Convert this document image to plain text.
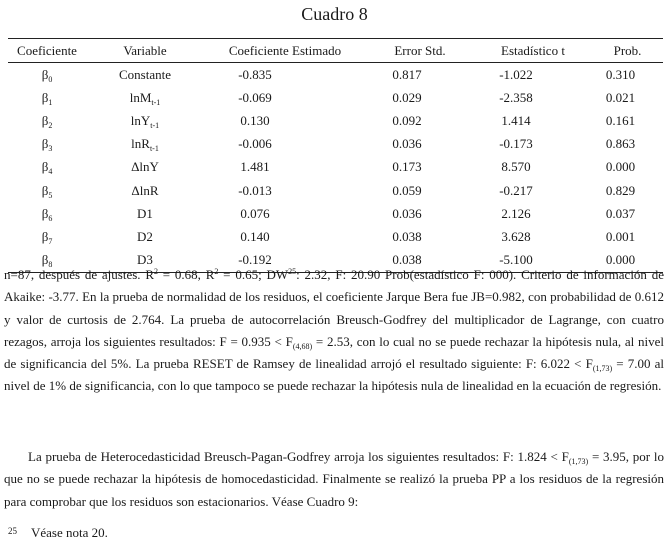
Cuadro 8
Coeficiente	Variable	Coeficiente Estimado	Error Std.	Estadístico t	Prob.
$\beta_0$	Constante	-0.835	0.817	-1.022	0.310
$\beta_1$	lnM$_{t-1}$	-0.069	0.029	-2.358	0.021
$\beta_2$	lnY$_{t-1}$	0.130	0.092	1.414	0.161
$\beta_3$	lnR$_{t-1}$	-0.006	0.036	-0.173	0.863
$\beta_4$	ΔlnY	1.481	0.173	8.570	0.000
$\beta_5$	ΔlnR	-0.013	0.059	-0.217	0.829
$\beta_6$	D1	0.076	0.036	2.126	0.037
$\beta_7$	D2	0.140	0.038	3.628	0.001
$\beta_8$	D3	-0.192	0.038	-5.100	0.000

n=87, después de ajustes. $R^2 = 0.68$, $R^2 = 0.65$; DW$^{25}$: 2.32, F: 20.90 Prob(estadístico F: 000). Criterio de información de Akaike: -3.77. En la prueba de normalidad de los residuos, el coeficiente Jarque Bera fue JB=0.982, con probabilidad de 0.612 y valor de curtosis de 2.764. La prueba de autocorrelación Breusch-Godfrey del multiplicador de Lagrange, con cuatro rezagos, arroja los siguientes resultados: $F = 0.935 < F_{(4,68)} = 2.53$, con lo cual no se puede rechazar la hipótesis nula, al nivel de significancia del 5%. La prueba RESET de Ramsey de linealidad arrojó el resultado siguiente: F: $6.022 < F_{(1,73)} = 7.00$ al nivel de 1% de significancia, con lo que tampoco se puede rechazar la hipótesis nula de linealidad en la ecuación de regresión.

La prueba de Heterocedasticidad Breusch-Pagan-Godfrey arroja los siguientes resultados: F: $1.824 < F_{(1,73)} = 3.95$, por lo que no se puede rechazar la hipótesis de homocedasticidad. Finalmente se realizó la prueba PP a los residuos de la regresión para comprobar que los residuos son estacionarios. Véase Cuadro 9:

$^{25}$ Véase nota 20.
